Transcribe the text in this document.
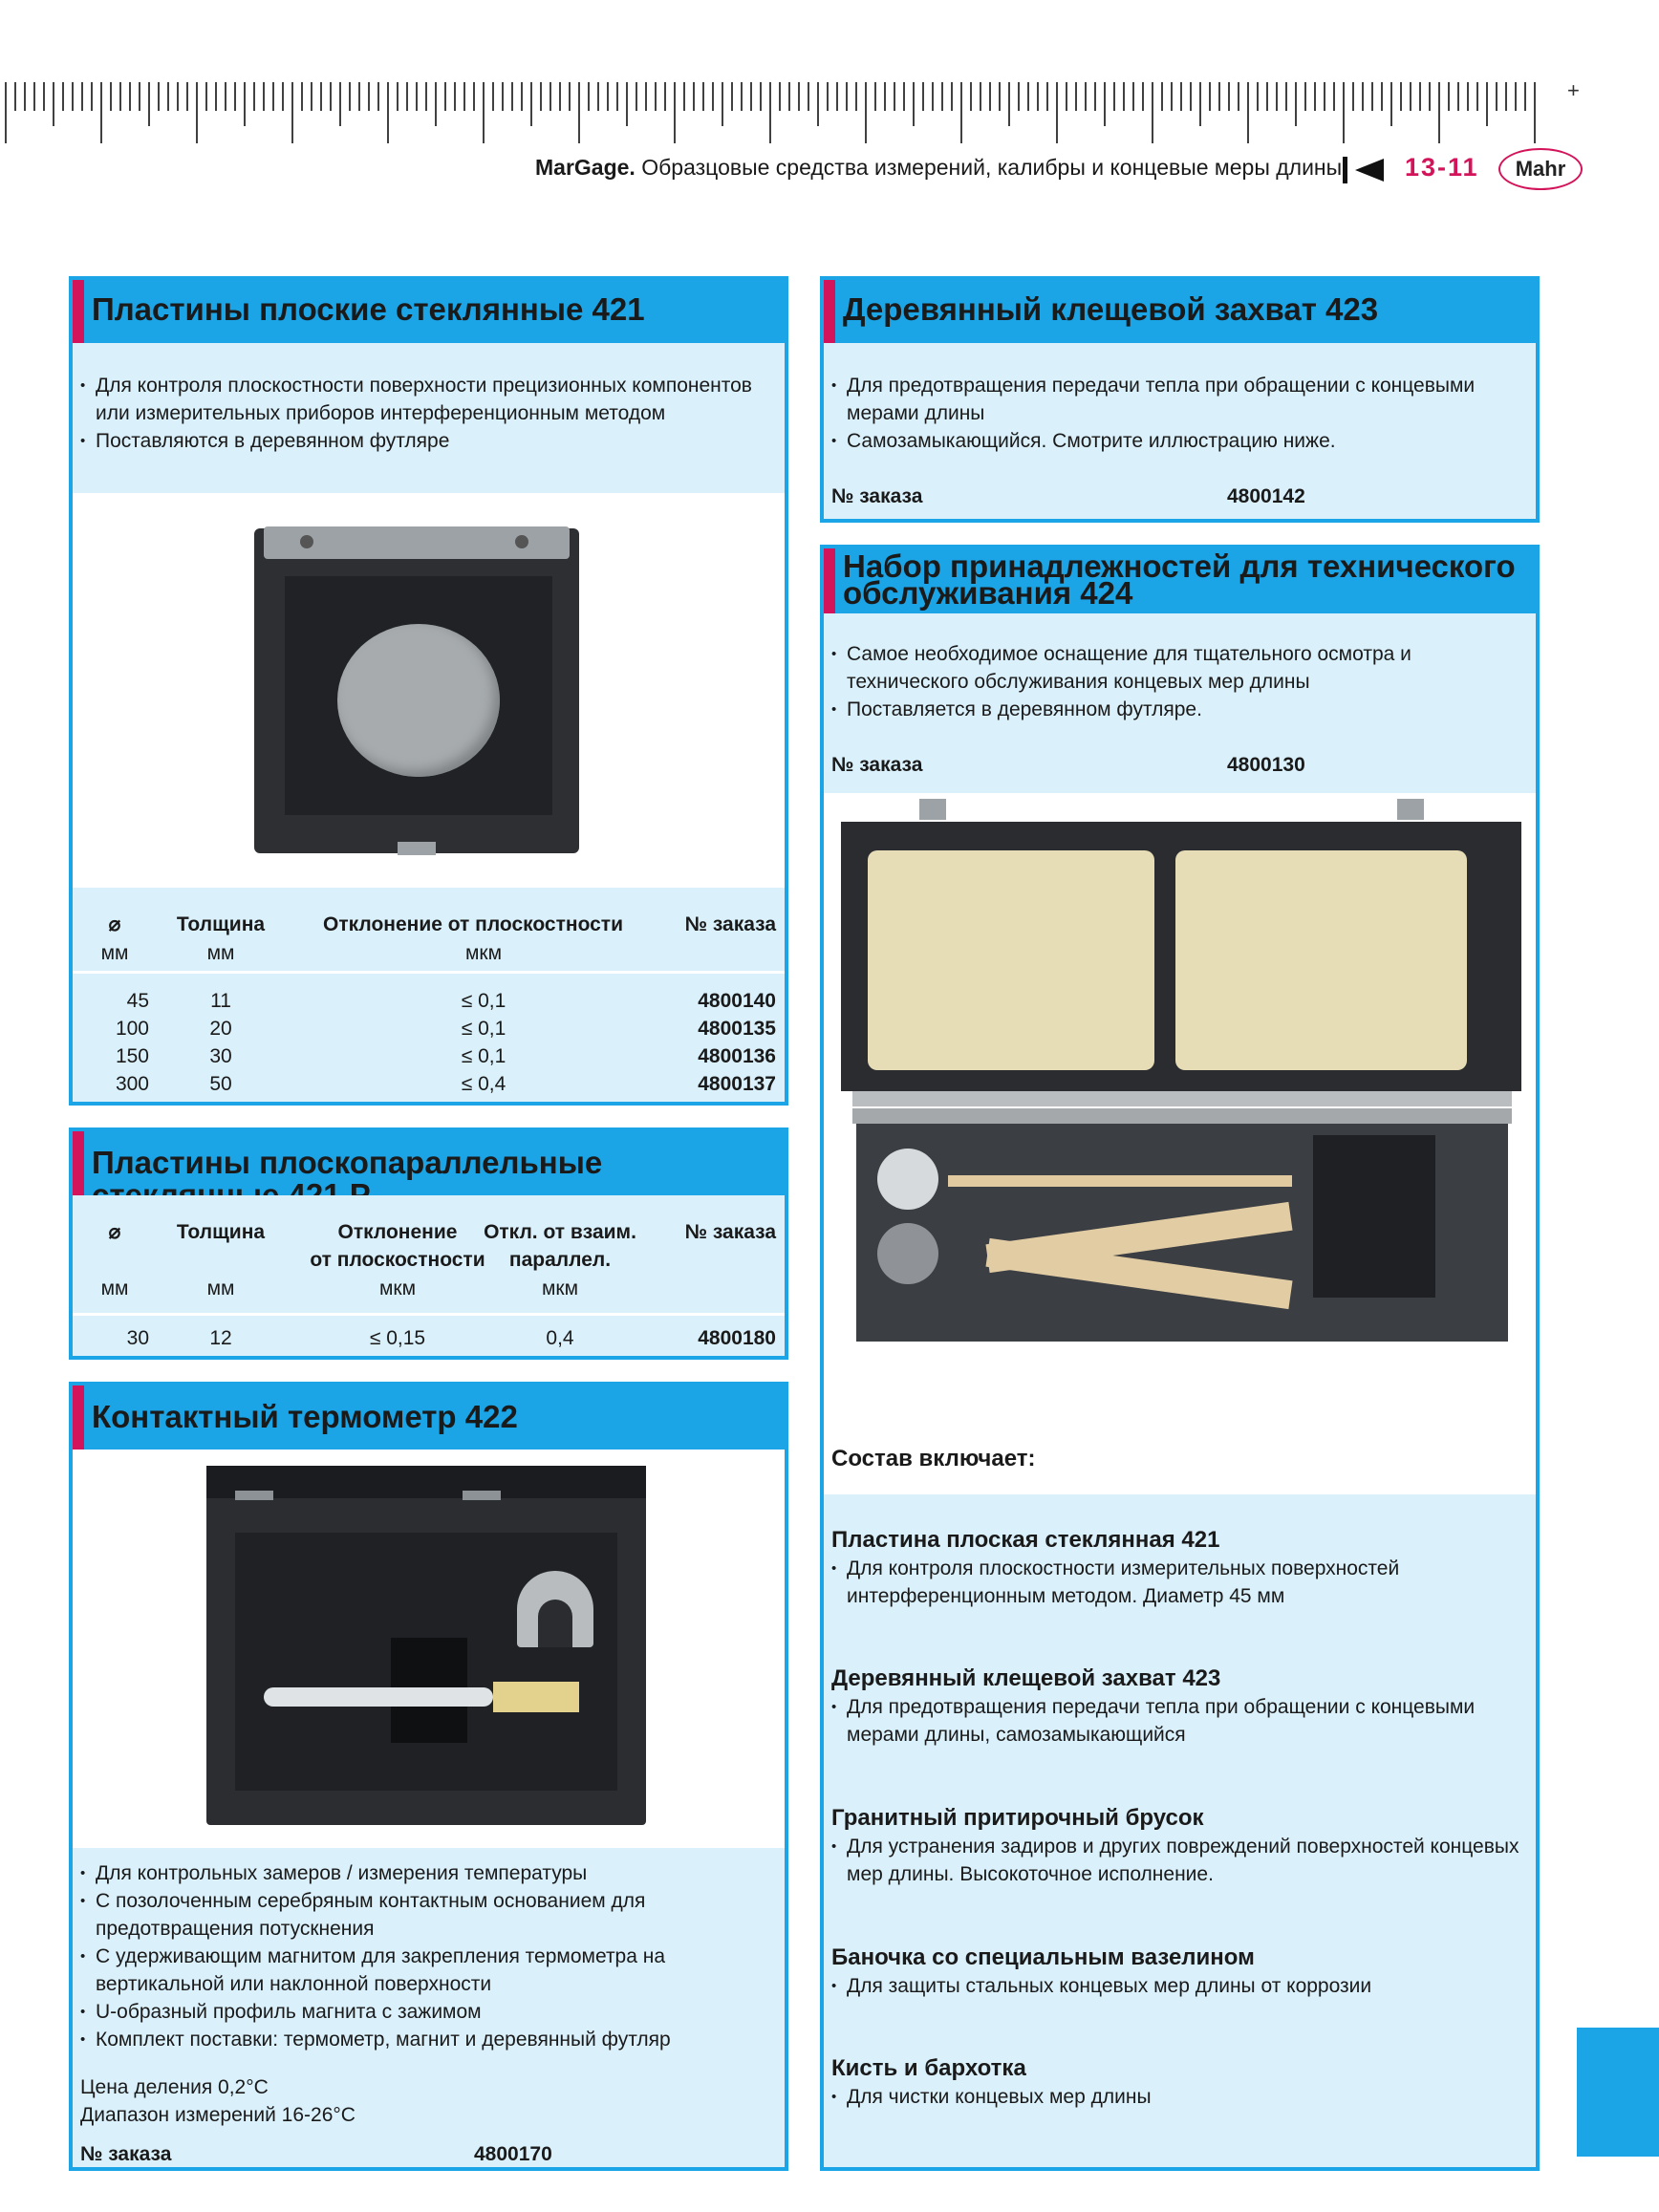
+
MarGage. Образцовые средства измерений, калибры и концевые меры длины 13-11	Mahr
Пластины плоские стеклянные 421
• Для контроля плоскостности поверхности прецизионных компонентов или измерительных приборов интерференционным методом
• Поставляются в деревянном футляре
⌀	Толщина	Отклонение от плоскостности	№ заказа
мм	мм	мкм
45	11	≤ 0,1	4800140
100	20	≤ 0,1	4800135
150	30	≤ 0,1	4800136
300	50	≤ 0,4	4800137
Пластины плоскопараллельные
⌀	Толщина	Отклонение	Откл. от взаим.	№ заказа
от плоскостности	параллел.
мм	мм	мкм	мкм
30	12	≤ 0,15	0,4	4800180
Контактный термометр 422
• Для контрольных замеров / измерения температуры
• С позолоченным серебряным контактным основанием для предотвращения потускнения
• С удерживающим магнитом для закрепления термометра на вертикальной или наклонной поверхности
• U-образный профиль магнита с зажимом
• Комплект поставки: термометр, магнит и деревянный футляр
Цена деления 0,2°C
Диапазон измерений 16-26°C
№ заказа	4800170
Деревянный клещевой захват 423
• Для предотвращения передачи тепла при обращении с концевыми мерами длины
• Самозамыкающийся. Смотрите иллюстрацию ниже.
№ заказа	4800142
Набор принадлежностей для технического
обслуживания 424
• Самое необходимое оснащение для тщательного осмотра и технического обслуживания концевых мер длины
• Поставляется в деревянном футляре.
№ заказа	4800130
Состав включает:
Пластина плоская стеклянная 421
• Для контроля плоскостности измерительных поверхностей интерференционным методом. Диаметр 45 мм
Деревянный клещевой захват 423
• Для предотвращения передачи тепла при обращении с концевыми мерами длины, самозамыкающийся
Гранитный притирочный брусок
• Для устранения задиров и других повреждений поверхностей концевых мер длины. Высокоточное исполнение.
Баночка со специальным вазелином
• Для защиты стальных концевых мер длины от коррозии
Кисть и бархотка
• Для чистки концевых мер длины
